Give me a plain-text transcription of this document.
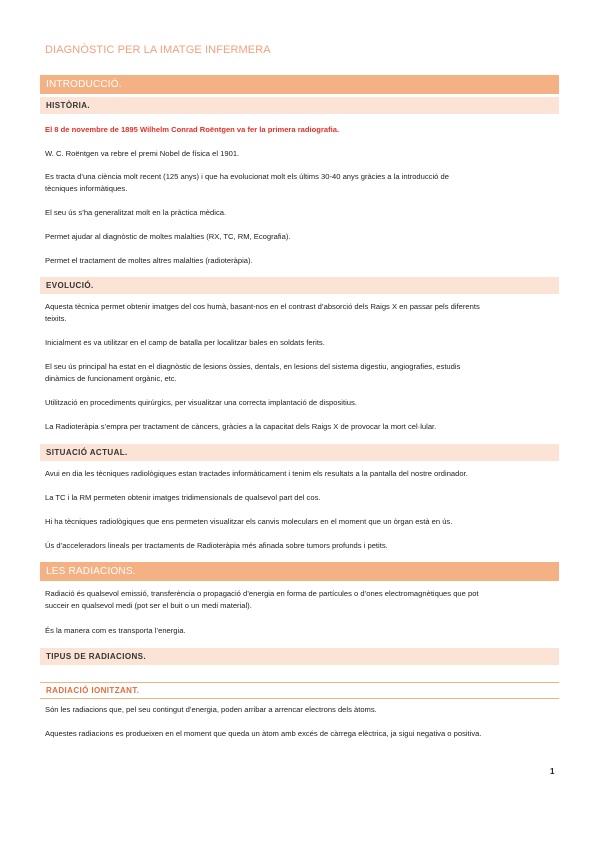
DIAGNÒSTIC PER LA IMATGE INFERMERA
INTRODUCCIÓ.
HISTÒRIA.
El 8 de novembre de 1895 Wilhelm Conrad Roëntgen va fer la primera radiografia.
W. C. Roëntgen va rebre el premi Nobel de física el 1901.
Es tracta d’una ciència molt recent (125 anys) i que ha evolucionat molt els últims 30-40 anys gràcies a la introducció de
tècniques informàtiques.
El seu ús s’ha generalitzat molt en la pràctica mèdica.
Permet ajudar al diagnòstic de moltes malalties (RX, TC, RM, Ecografia).
Permet el tractament de moltes altres malalties (radioteràpia).
EVOLUCIÓ.
Aquesta tècnica permet obtenir imatges del cos humà, basant-nos en el contrast d’absorció dels Raigs X en passar pels diferents
teixits.
Inicialment es va utilitzar en el camp de batalla per localitzar bales en soldats ferits.
El seu ús principal ha estat en el diagnòstic de lesions òssies, dentals, en lesions del sistema digestiu, angiografies, estudis
dinàmics de funcionament orgànic, etc.
Utilització en procediments quirúrgics, per visualitzar una correcta implantació de dispositius.
La Radioteràpia s’empra per tractament de càncers, gràcies a la capacitat dels Raigs X de provocar la mort cel·lular.
SITUACIÓ ACTUAL.
Avui en dia les tècniques radiològiques estan tractades informàticament i tenim els resultats a la pantalla del nostre ordinador.
La TC i la RM permeten obtenir imatges tridimensionals de qualsevol part del cos.
Hi ha tècniques radiològiques que ens permeten visualitzar els canvis moleculars en el moment que un òrgan està en ús.
Ús d’acceleradors lineals per tractaments de Radioteràpia més afinada sobre tumors profunds i petits.
LES RADIACIONS.
Radiació és qualsevol emissió, transferència o propagació d’energia en forma de partícules o d’ones electromagnètiques que pot
succeir en qualsevol medi (pot ser el buit o un medi material).
És la manera com es transporta l’energia.
TIPUS DE RADIACIONS.
RADIACIÓ IONITZANT.
Són les radiacions que, pel seu contingut d’energia, poden arribar a arrencar electrons dels àtoms.
Aquestes radiacions es produeixen en el moment que queda un àtom amb excés de càrrega elèctrica, ja sigui negativa o positiva.
1
